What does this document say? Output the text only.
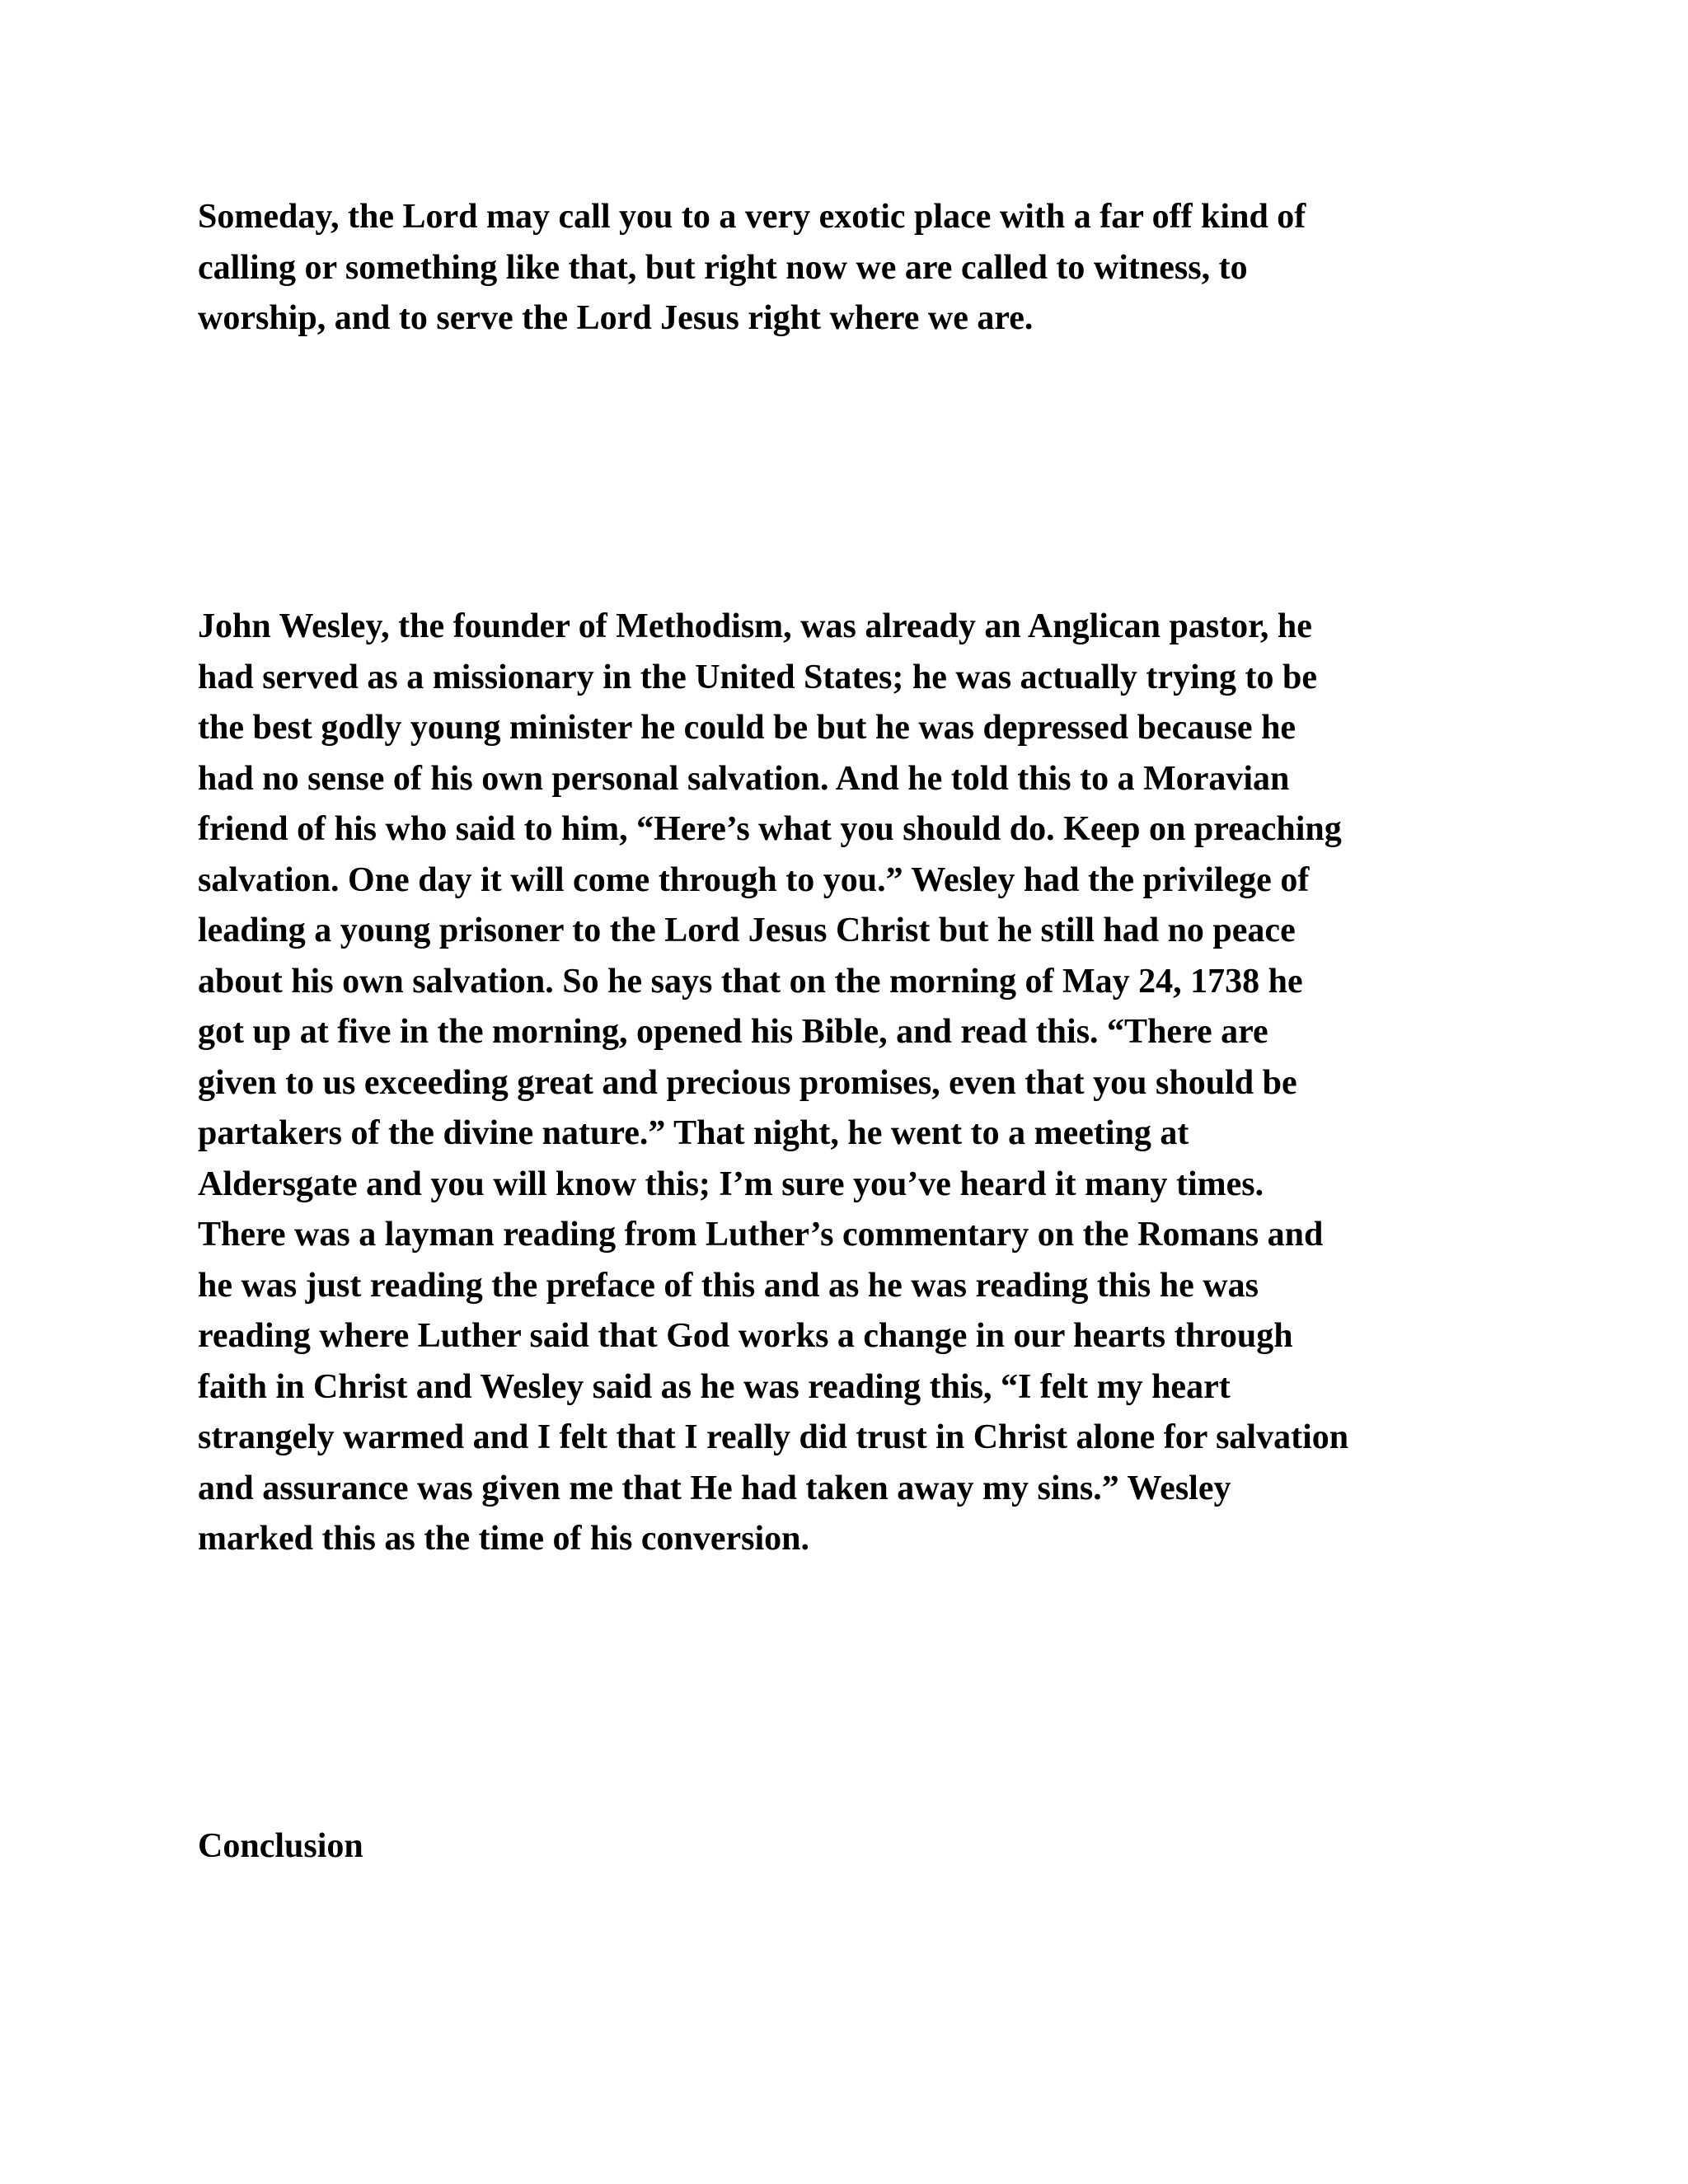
Someday, the Lord may call you to a very exotic place with a far off kind of
calling or something like that, but right now we are called to witness, to
worship, and to serve the Lord Jesus right where we are.

John Wesley, the founder of Methodism, was already an Anglican pastor, he
had served as a missionary in the United States; he was actually trying to be
the best godly young minister he could be but he was depressed because he
had no sense of his own personal salvation. And he told this to a Moravian
friend of his who said to him, “Here’s what you should do. Keep on preaching
salvation. One day it will come through to you.” Wesley had the privilege of
leading a young prisoner to the Lord Jesus Christ but he still had no peace
about his own salvation. So he says that on the morning of May 24, 1738 he
got up at five in the morning, opened his Bible, and read this. “There are
given to us exceeding great and precious promises, even that you should be
partakers of the divine nature.” That night, he went to a meeting at
Aldersgate and you will know this; I’m sure you’ve heard it many times.
There was a layman reading from Luther’s commentary on the Romans and
he was just reading the preface of this and as he was reading this he was
reading where Luther said that God works a change in our hearts through
faith in Christ and Wesley said as he was reading this, “I felt my heart
strangely warmed and I felt that I really did trust in Christ alone for salvation
and assurance was given me that He had taken away my sins.” Wesley
marked this as the time of his conversion.

Conclusion
